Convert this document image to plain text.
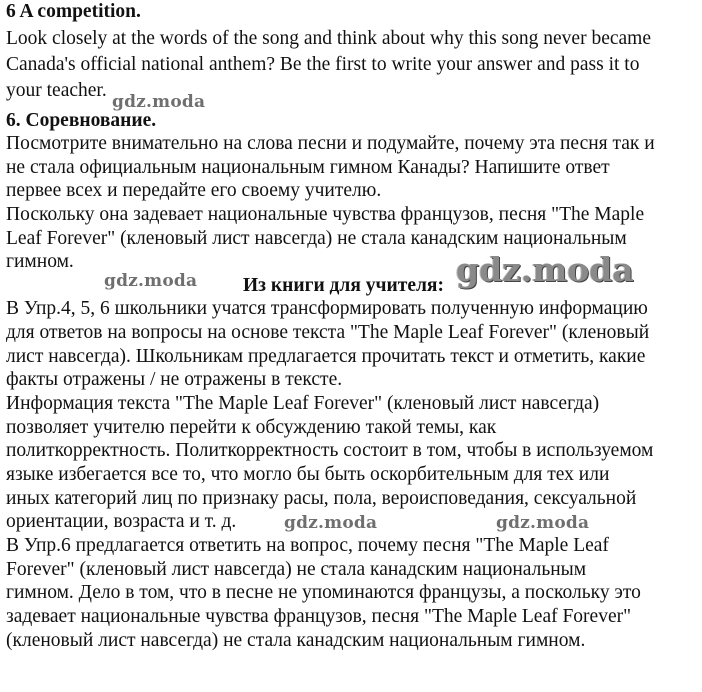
6 A competition.
Look closely at the words of the song and think about why this song never became
Canada's official national anthem? Be the first to write your answer and pass it to
your teacher.
gdz.moda
6. Соревнование.
Посмотрите внимательно на слова песни и подумайте, почему эта песня так и
не стала официальным национальным гимном Канады? Напишите ответ
первее всех и передайте его своему учителю.
Поскольку она задевает национальные чувства французов, песня "The Maple
Leaf Forever" (кленовый лист навсегда) не стала канадским национальным
гимном.
gdz.moda Из книги для учителя: gdz.moda
В Упр.4, 5, 6 школьники учатся трансформировать полученную информацию
для ответов на вопросы на основе текста "The Maple Leaf Forever" (кленовый
лист навсегда). Школьникам предлагается прочитать текст и отметить, какие
факты отражены / не отражены в тексте.
Информация текста "The Maple Leaf Forever" (кленовый лист навсегда)
позволяет учителю перейти к обсуждению такой темы, как
политкорректность. Политкорректность состоит в том, чтобы в используемом
языке избегается все то, что могло бы быть оскорбительным для тех или
иных категорий лиц по признаку расы, пола, вероисповедания, сексуальной
ориентации, возраста и т. д.	gdz.moda	gdz.moda
В Упр.6 предлагается ответить на вопрос, почему песня "The Maple Leaf
Forever" (кленовый лист навсегда) не стала канадским национальным
гимном. Дело в том, что в песне не упоминаются французы, а поскольку это
задевает национальные чувства французов, песня "The Maple Leaf Forever"
(кленовый лист навсегда) не стала канадским национальным гимном.
